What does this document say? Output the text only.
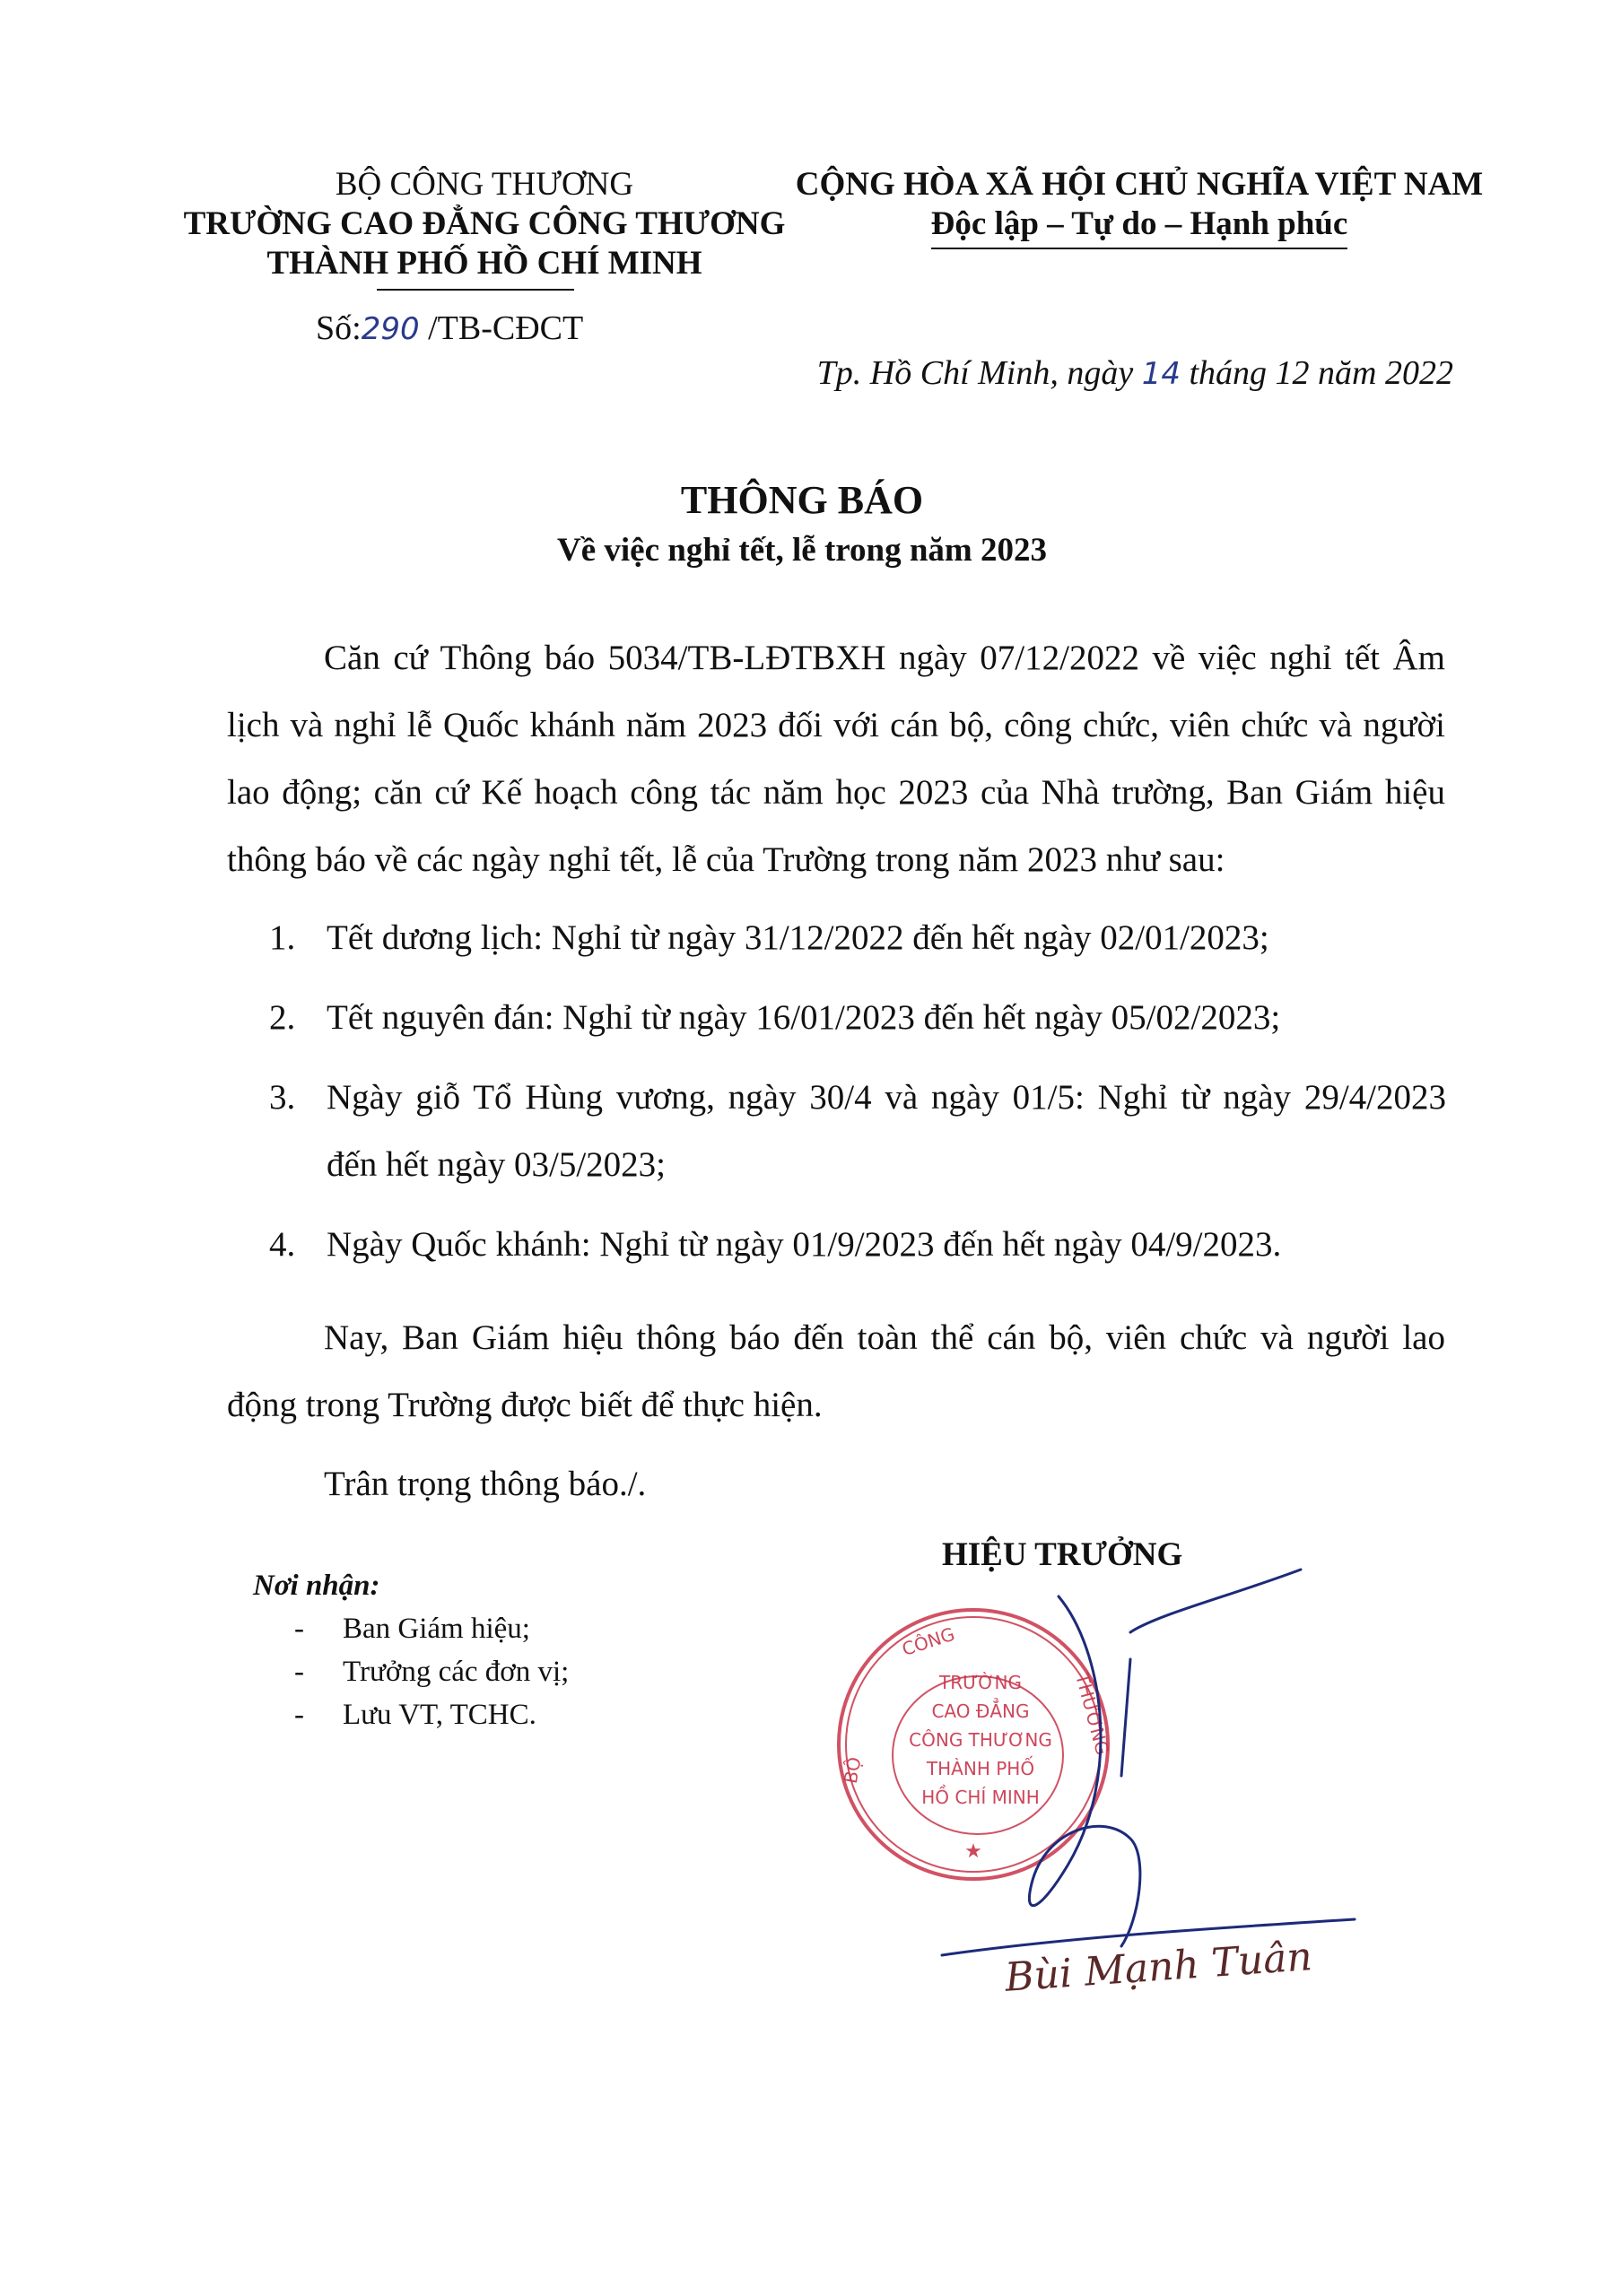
BỘ CÔNG THƯƠNG
TRƯỜNG CAO ĐẲNG CÔNG THƯƠNG
THÀNH PHỐ HỒ CHÍ MINH
CỘNG HÒA XÃ HỘI CHỦ NGHĨA VIỆT NAM
Độc lập – Tự do – Hạnh phúc
Số:290 /TB-CĐCT
Tp. Hồ Chí Minh, ngày 14 tháng 12 năm 2022
THÔNG BÁO
Về việc nghỉ tết, lễ trong năm 2023
Căn cứ Thông báo 5034/TB-LĐTBXH ngày 07/12/2022 về việc nghỉ tết Âm lịch và nghỉ lễ Quốc khánh năm 2023 đối với cán bộ, công chức, viên chức và người lao động; căn cứ Kế hoạch công tác năm học 2023 của Nhà trường, Ban Giám hiệu thông báo về các ngày nghỉ tết, lễ của Trường trong năm 2023 như sau:
1. Tết dương lịch: Nghỉ từ ngày 31/12/2022 đến hết ngày 02/01/2023;
2. Tết nguyên đán: Nghỉ từ ngày 16/01/2023 đến hết ngày 05/02/2023;
3. Ngày giỗ Tổ Hùng vương, ngày 30/4 và ngày 01/5: Nghỉ từ ngày 29/4/2023 đến hết ngày 03/5/2023;
4. Ngày Quốc khánh: Nghỉ từ ngày 01/9/2023 đến hết ngày 04/9/2023.
Nay, Ban Giám hiệu thông báo đến toàn thể cán bộ, viên chức và người lao động trong Trường được biết để thực hiện.
Trân trọng thông báo./.
HIỆU TRƯỞNG
Nơi nhận:
- Ban Giám hiệu;
- Trưởng các đơn vị;
- Lưu VT, TCHC.
CÔNG
TRƯỜNG
CAO ĐẲNG
CÔNG THƯƠNG
THÀNH PHỐ
HỒ CHÍ MINH
BỘ
THƯƠNG
★
Bùi Mạnh Tuân
